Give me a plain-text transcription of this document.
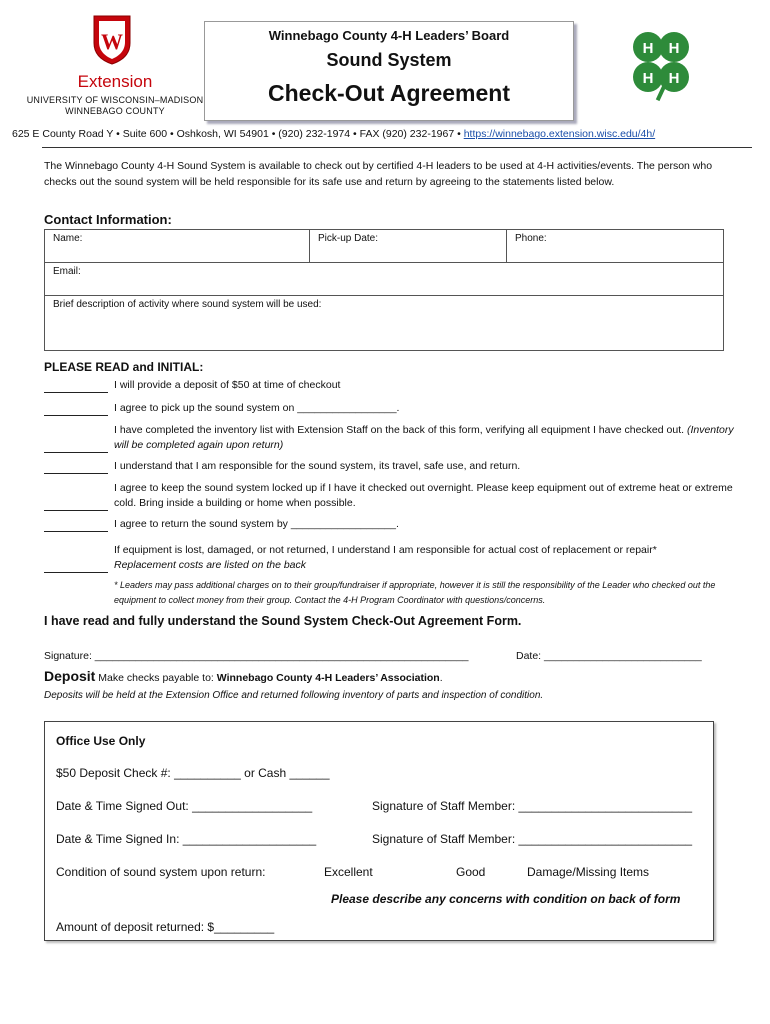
W
Extension
UNIVERSITY OF WISCONSIN–MADISON
WINNEBAGO COUNTY
Winnebago County 4-H Leaders’ Board
Sound System
Check-Out Agreement
H H
H H
625 E County Road Y • Suite 600 • Oshkosh, WI 54901 • (920) 232-1974 • FAX (920) 232-1967 • https://winnebago.extension.wisc.edu/4h/
The Winnebago County 4-H Sound System is available to check out by certified 4-H leaders to be used at 4-H activities/events. The person who checks out the sound system will be held responsible for its safe use and return by agreeing to the statements listed below.
Contact Information:
Name:	Pick-up Date:	Phone:
Email:
Brief description of activity where sound system will be used:
PLEASE READ and INITIAL:
I will provide a deposit of $50 at time of checkout
I agree to pick up the sound system on _________________.
I have completed the inventory list with Extension Staff on the back of this form, verifying all equipment I have checked out. (Inventory will be completed again upon return)
I understand that I am responsible for the sound system, its travel, safe use, and return.
I agree to keep the sound system locked up if I have it checked out overnight. Please keep equipment out of extreme heat or extreme cold. Bring inside a building or home when possible.
I agree to return the sound system by __________________.
If equipment is lost, damaged, or not returned, I understand I am responsible for actual cost of replacement or repair*
Replacement costs are listed on the back
* Leaders may pass additional charges on to their group/fundraiser if appropriate, however it is still the responsibility of the Leader who checked out the equipment to collect money from their group. Contact the 4-H Program Coordinator with questions/concerns.
I have read and fully understand the Sound System Check-Out Agreement Form.
Signature: ________________________________________________________________	Date: ___________________________
Deposit Make checks payable to: Winnebago County 4-H Leaders’ Association.
Deposits will be held at the Extension Office and returned following inventory of parts and inspection of condition.
Office Use Only
$50 Deposit Check #: __________ or Cash ______
Date & Time Signed Out: __________________	Signature of Staff Member: __________________________
Date & Time Signed In: ____________________	Signature of Staff Member: __________________________
Condition of sound system upon return:	Excellent	Good	Damage/Missing Items
Please describe any concerns with condition on back of form
Amount of deposit returned: $_________
